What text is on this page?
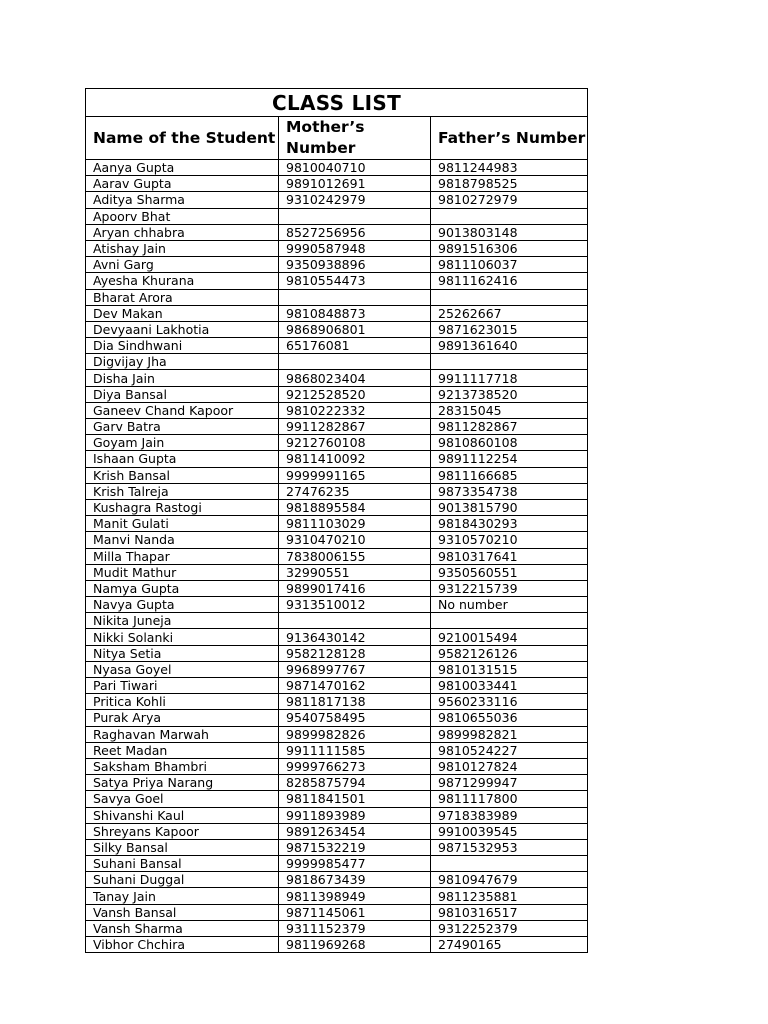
CLASS LIST		
Name of the Student	Mother’s Number	Father’s Number
Aanya Gupta	9810040710	9811244983
Aarav Gupta	9891012691	9818798525
Aditya Sharma	9310242979	9810272979
Apoorv Bhat		
Aryan chhabra	8527256956	9013803148
Atishay Jain	9990587948	9891516306
Avni Garg	9350938896	9811106037
Ayesha Khurana	9810554473	9811162416
Bharat Arora		
Dev Makan	9810848873	25262667
Devyaani Lakhotia	9868906801	9871623015
Dia Sindhwani	65176081	9891361640
Digvijay Jha		
Disha Jain	9868023404	9911117718
Diya Bansal	9212528520	9213738520
Ganeev Chand Kapoor	9810222332	28315045
Garv Batra	9911282867	9811282867
Goyam Jain	9212760108	9810860108
Ishaan Gupta	9811410092	9891112254
Krish Bansal	9999991165	9811166685
Krish Talreja	27476235	9873354738
Kushagra Rastogi	9818895584	9013815790
Manit Gulati	9811103029	9818430293
Manvi Nanda	9310470210	9310570210
Milla Thapar	7838006155	9810317641
Mudit Mathur	32990551	9350560551
Namya Gupta	9899017416	9312215739
Navya Gupta	9313510012	No number
Nikita Juneja		
Nikki Solanki	9136430142	9210015494
Nitya Setia	9582128128	9582126126
Nyasa Goyel	9968997767	9810131515
Pari Tiwari	9871470162	9810033441
Pritica Kohli	9811817138	9560233116
Purak Arya	9540758495	9810655036
Raghavan Marwah	9899982826	9899982821
Reet Madan	9911111585	9810524227
Saksham Bhambri	9999766273	9810127824
Satya Priya Narang	8285875794	9871299947
Savya Goel	9811841501	9811117800
Shivanshi Kaul	9911893989	9718383989
Shreyans Kapoor	9891263454	9910039545
Silky Bansal	9871532219	9871532953
Suhani Bansal	9999985477	
Suhani Duggal	9818673439	9810947679
Tanay Jain	9811398949	9811235881
Vansh Bansal	9871145061	9810316517
Vansh Sharma	9311152379	9312252379
Vibhor Chchira	9811969268	27490165
